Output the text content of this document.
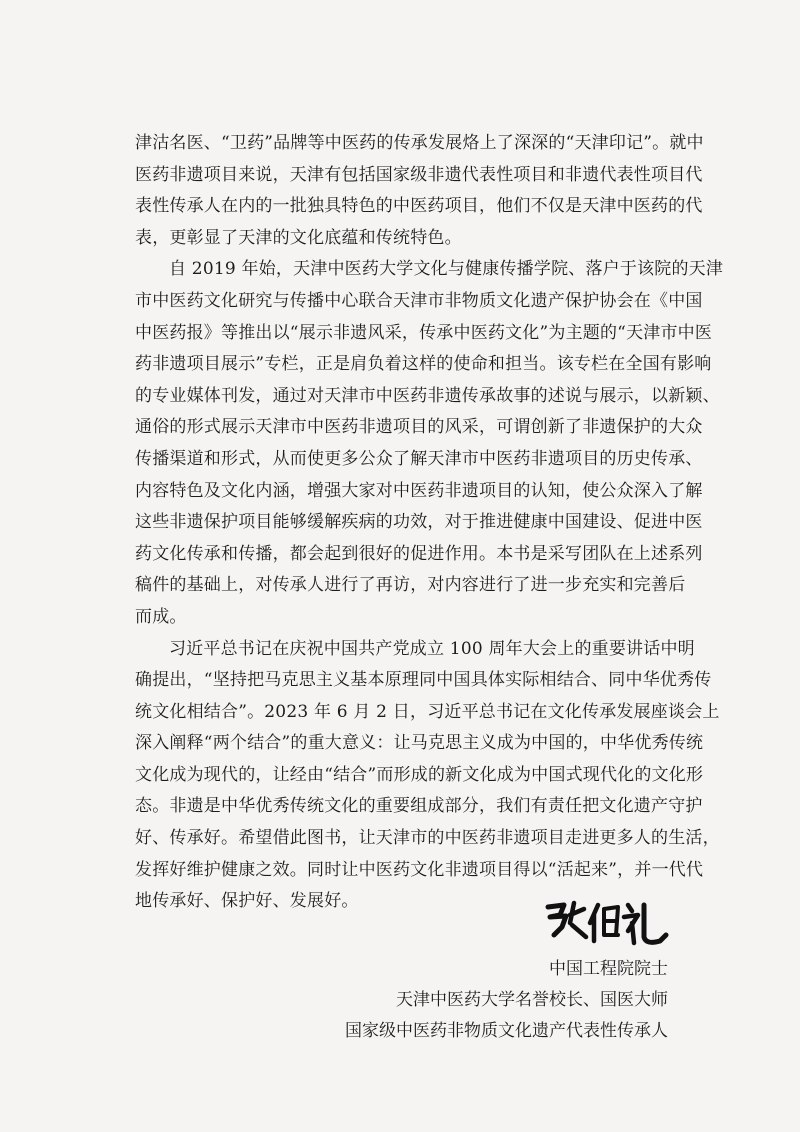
津沽名医、“卫药”品牌等中医药的传承发展烙上了深深的“天津印记”。就中
医药非遗项目来说，天津有包括国家级非遗代表性项目和非遗代表性项目代
表性传承人在内的一批独具特色的中医药项目，他们不仅是天津中医药的代
表，更彰显了天津的文化底蕴和传统特色。
自 2019 年始，天津中医药大学文化与健康传播学院、落户于该院的天津
市中医药文化研究与传播中心联合天津市非物质文化遗产保护协会在《中国
中医药报》等推出以“展示非遗风采，传承中医药文化”为主题的“天津市中医
药非遗项目展示”专栏，正是肩负着这样的使命和担当。该专栏在全国有影响
的专业媒体刊发，通过对天津市中医药非遗传承故事的述说与展示，以新颖、
通俗的形式展示天津市中医药非遗项目的风采，可谓创新了非遗保护的大众
传播渠道和形式，从而使更多公众了解天津市中医药非遗项目的历史传承、
内容特色及文化内涵，增强大家对中医药非遗项目的认知，使公众深入了解
这些非遗保护项目能够缓解疾病的功效，对于推进健康中国建设、促进中医
药文化传承和传播，都会起到很好的促进作用。本书是采写团队在上述系列
稿件的基础上，对传承人进行了再访，对内容进行了进一步充实和完善后
而成。
习近平总书记在庆祝中国共产党成立 100 周年大会上的重要讲话中明
确提出，“坚持把马克思主义基本原理同中国具体实际相结合、同中华优秀传
统文化相结合”。2023 年 6 月 2 日，习近平总书记在文化传承发展座谈会上
深入阐释“两个结合”的重大意义：让马克思主义成为中国的，中华优秀传统
文化成为现代的，让经由“结合”而形成的新文化成为中国式现代化的文化形
态。非遗是中华优秀传统文化的重要组成部分，我们有责任把文化遗产守护
好、传承好。希望借此图书，让天津市的中医药非遗项目走进更多人的生活，
发挥好维护健康之效。同时让中医药文化非遗项目得以“活起来”，并一代代
地传承好、保护好、发展好。
中国工程院院士
天津中医药大学名誉校长、国医大师
国家级中医药非物质文化遗产代表性传承人
